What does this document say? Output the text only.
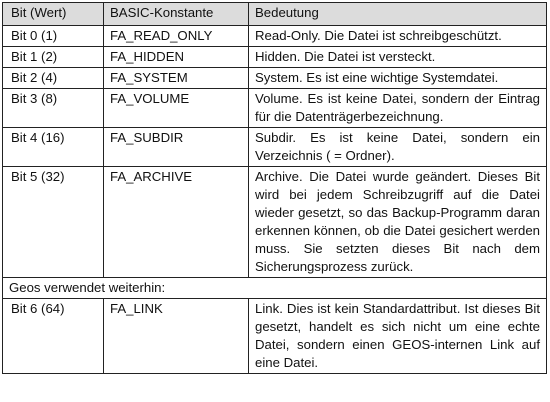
Bit (Wert)	BASIC-Konstante	Bedeutung
Bit 0 (1)	FA_READ_ONLY	Read-Only. Die Datei ist schreibgeschützt.
Bit 1 (2)	FA_HIDDEN	Hidden. Die Datei ist versteckt.
Bit 2 (4)	FA_SYSTEM	System. Es ist eine wichtige Systemdatei.
Bit 3 (8)	FA_VOLUME	Volume. Es ist keine Datei, sondern der Eintrag für die Datenträgerbezeichnung.
Bit 4 (16)	FA_SUBDIR	Subdir. Es ist keine Datei, sondern ein Verzeichnis ( = Ordner).
Bit 5 (32)	FA_ARCHIVE	Archive. Die Datei wurde geändert. Dieses Bit wird bei jedem Schreibzugriff auf die Datei wieder gesetzt, so das Backup-Programm daran erkennen können, ob die Datei gesichert werden muss. Sie setzten dieses Bit nach dem Sicherungsprozess zurück.
Geos verwendet weiterhin:		
Bit 6 (64)	FA_LINK	Link. Dies ist kein Standardattribut. Ist dieses Bit gesetzt, handelt es sich nicht um eine echte Datei, sondern einen GEOS-internen Link auf eine Datei.
